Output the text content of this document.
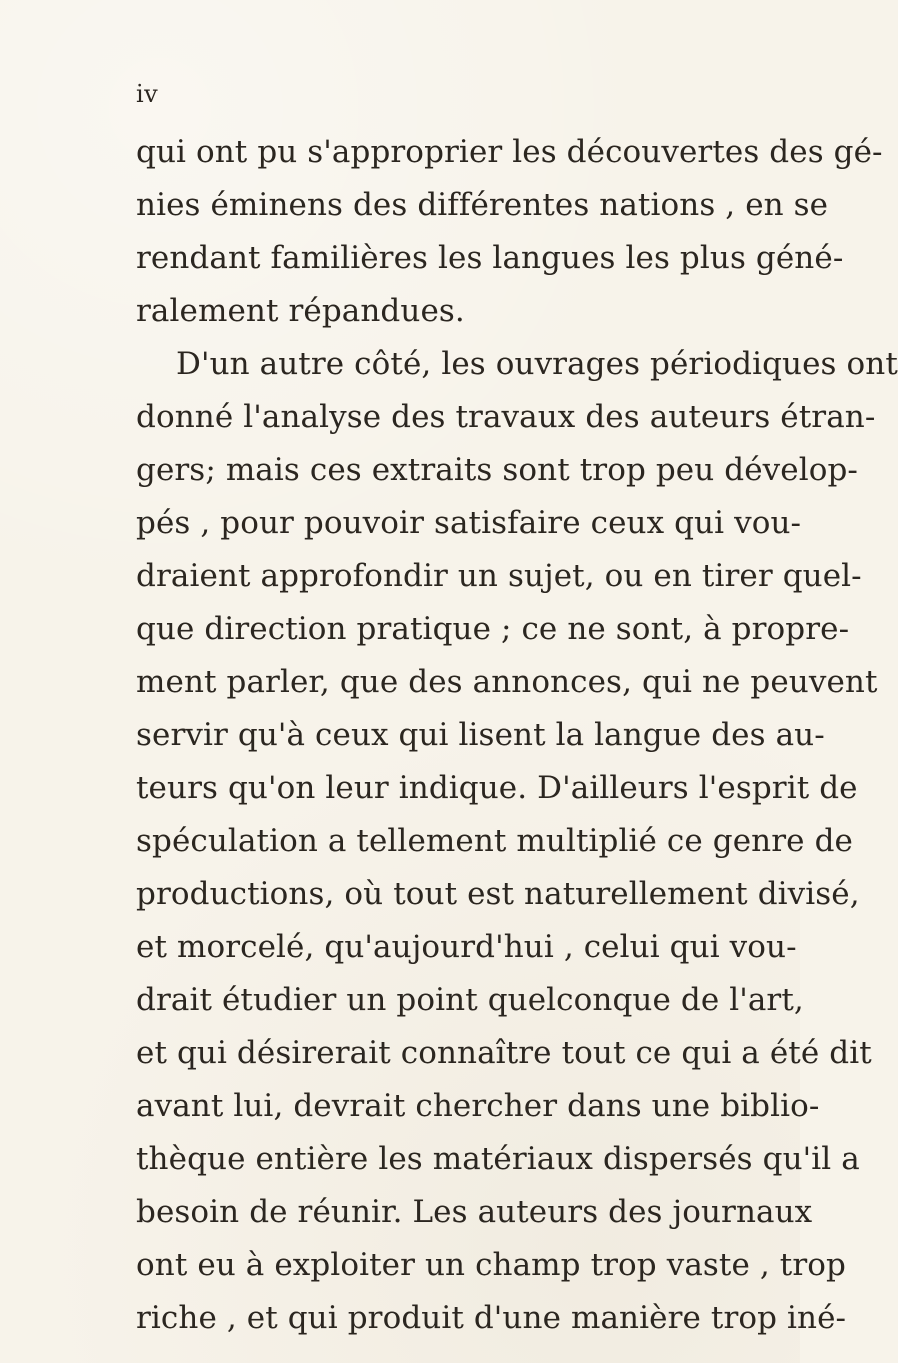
iv
qui ont pu s'approprier les découvertes des gé-
nies éminens des différentes nations , en se
rendant familières les langues les plus géné-
ralement répandues.
D'un autre côté, les ouvrages périodiques ont
donné l'analyse des travaux des auteurs étran-
gers; mais ces extraits sont trop peu dévelop-
pés , pour pouvoir satisfaire ceux qui vou-
draient approfondir un sujet, ou en tirer quel-
que direction pratique ; ce ne sont, à propre-
ment parler, que des annonces, qui ne peuvent
servir qu'à ceux qui lisent la langue des au-
teurs qu'on leur indique. D'ailleurs l'esprit de
spéculation a tellement multiplié ce genre de
productions, où tout est naturellement divisé,
et morcelé, qu'aujourd'hui , celui qui vou-
drait étudier un point quelconque de l'art,
et qui désirerait connaître tout ce qui a été dit
avant lui, devrait chercher dans une biblio-
thèque entière les matériaux dispersés qu'il a
besoin de réunir. Les auteurs des journaux
ont eu à exploiter un champ trop vaste , trop
riche , et qui produit d'une manière trop iné-
